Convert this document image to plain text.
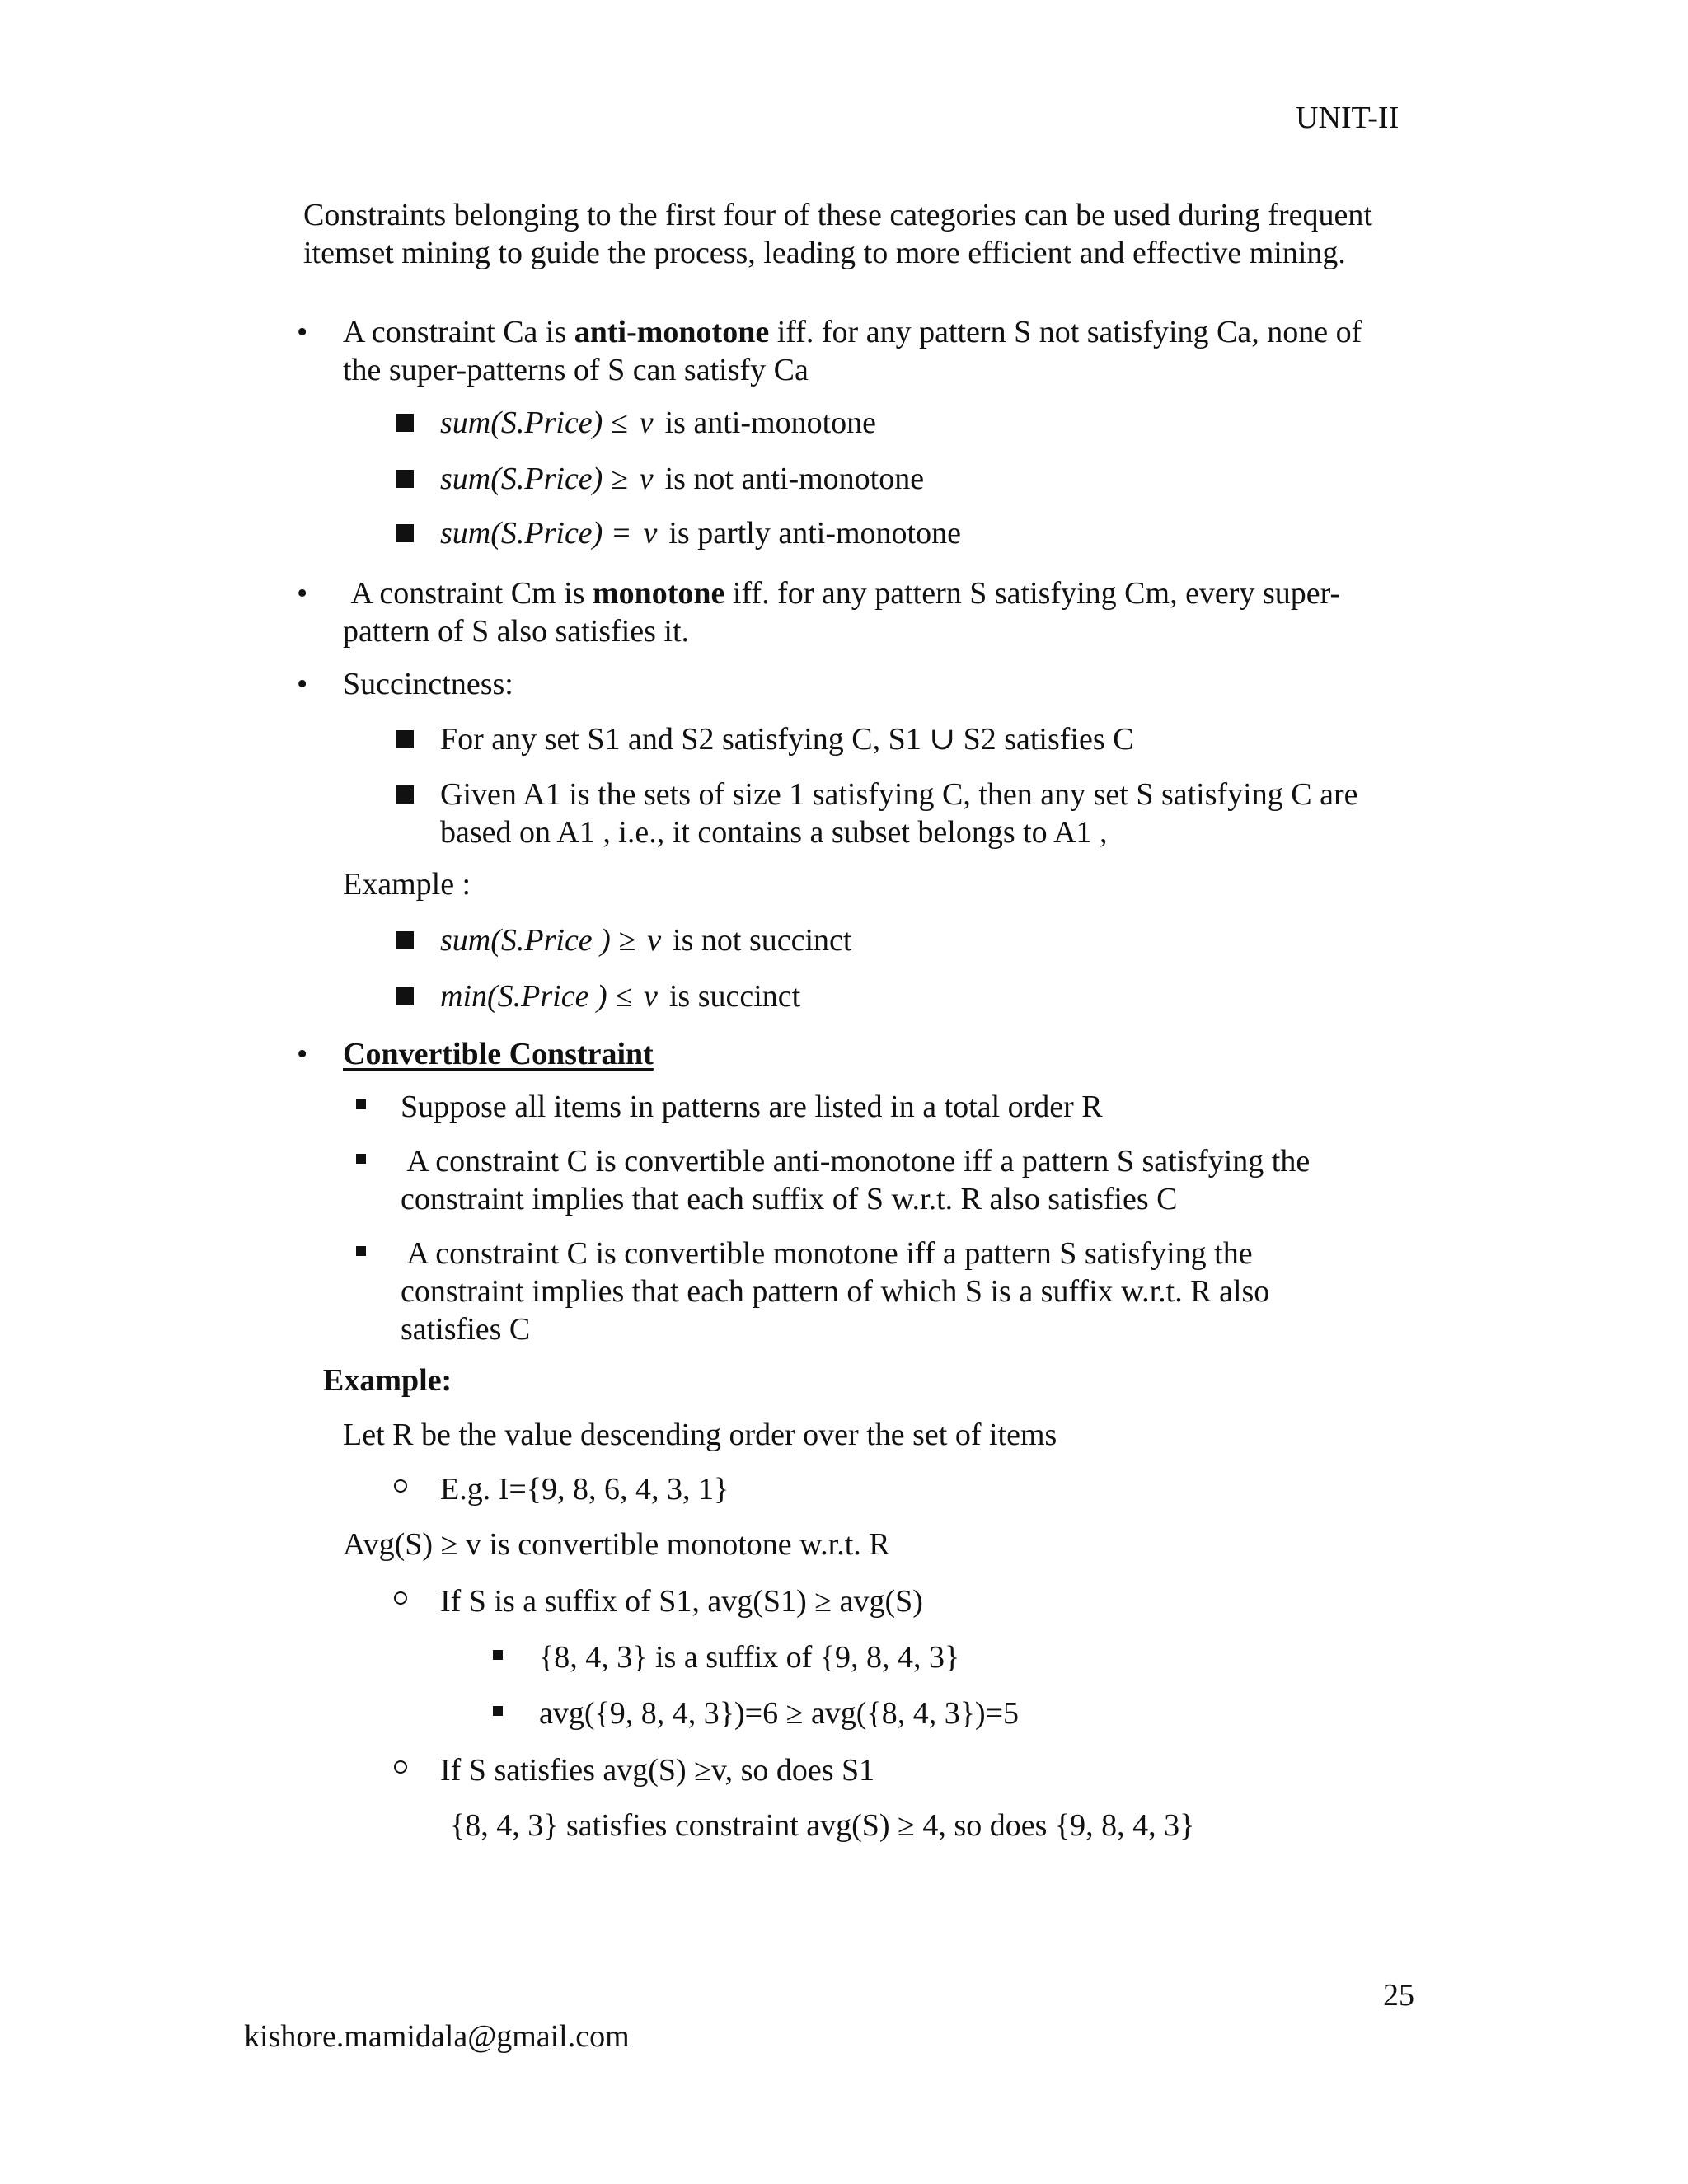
UNIT-II
Constraints belonging to the first four of these categories can be used during frequent
itemset mining to guide the process, leading to more efficient and effective mining.
• A constraint Ca is anti-monotone iff. for any pattern S not satisfying Ca, none of
the super-patterns of S can satisfy Ca
sum(S.Price) ≤ v is anti-monotone
sum(S.Price) ≥ v is not anti-monotone
sum(S.Price) = v is partly anti-monotone
• A constraint Cm is monotone iff. for any pattern S satisfying Cm, every super-
pattern of S also satisfies it.
• Succinctness:
For any set S1 and S2 satisfying C, S1 ∪ S2 satisfies C
Given A1 is the sets of size 1 satisfying C, then any set S satisfying C are
based on A1 , i.e., it contains a subset belongs to A1 ,
Example :
sum(S.Price ) ≥ v is not succinct
min(S.Price ) ≤ v is succinct
• Convertible Constraint
Suppose all items in patterns are listed in a total order R
A constraint C is convertible anti-monotone iff a pattern S satisfying the
constraint implies that each suffix of S w.r.t. R also satisfies C
A constraint C is convertible monotone iff a pattern S satisfying the
constraint implies that each pattern of which S is a suffix w.r.t. R also
satisfies C
Example:
Let R be the value descending order over the set of items
E.g. I={9, 8, 6, 4, 3, 1}
Avg(S) ≥ v is convertible monotone w.r.t. R
If S is a suffix of S1, avg(S1) ≥ avg(S)
{8, 4, 3} is a suffix of {9, 8, 4, 3}
avg({9, 8, 4, 3})=6 ≥ avg({8, 4, 3})=5
If S satisfies avg(S) ≥v, so does S1
{8, 4, 3} satisfies constraint avg(S) ≥ 4, so does {9, 8, 4, 3}
25
kishore.mamidala@gmail.com
